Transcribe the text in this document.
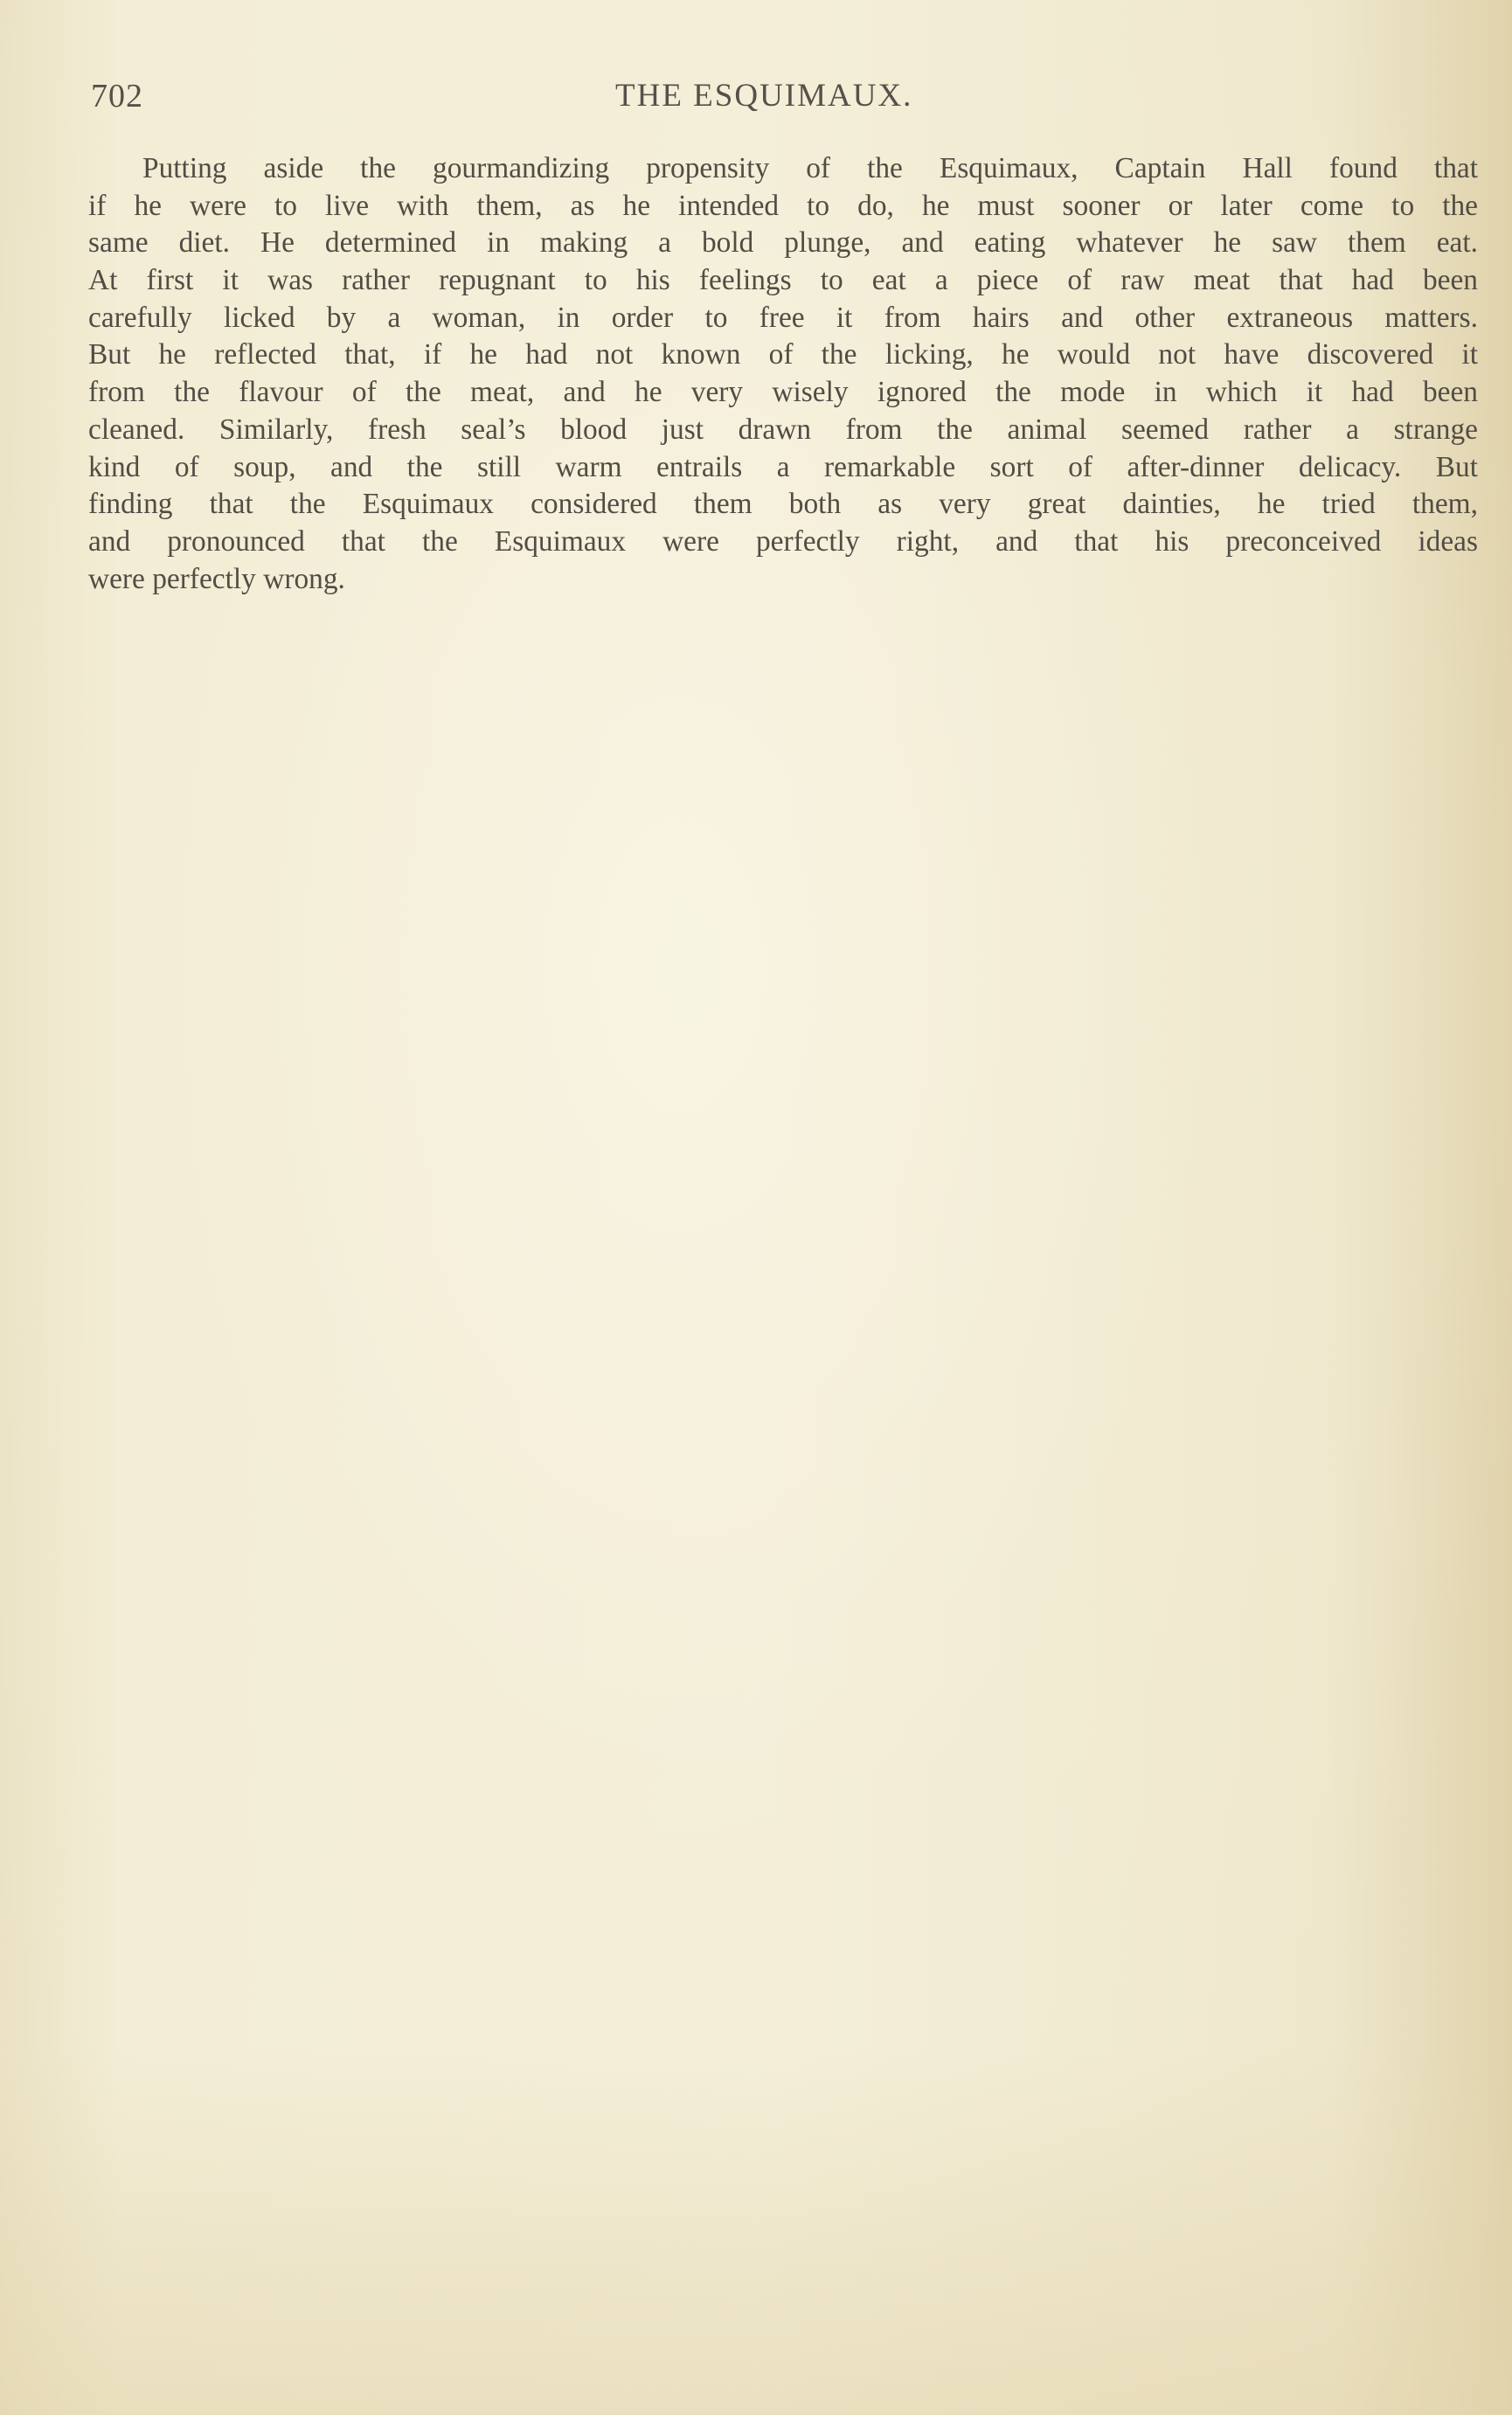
702	THE ESQUIMAUX.
Putting aside the gourmandizing propensity of the Esquimaux, Captain Hall found that
if he were to live with them, as he intended to do, he must sooner or later come to the
same diet. He determined in making a bold plunge, and eating whatever he saw them eat.
At first it was rather repugnant to his feelings to eat a piece of raw meat that had been
carefully licked by a woman, in order to free it from hairs and other extraneous matters.
But he reflected that, if he had not known of the licking, he would not have discovered it
from the flavour of the meat, and he very wisely ignored the mode in which it had been
cleaned. Similarly, fresh seal’s blood just drawn from the animal seemed rather a strange
kind of soup, and the still warm entrails a remarkable sort of after-dinner delicacy. But
finding that the Esquimaux considered them both as very great dainties, he tried them,
and pronounced that the Esquimaux were perfectly right, and that his preconceived ideas
were perfectly wrong.
